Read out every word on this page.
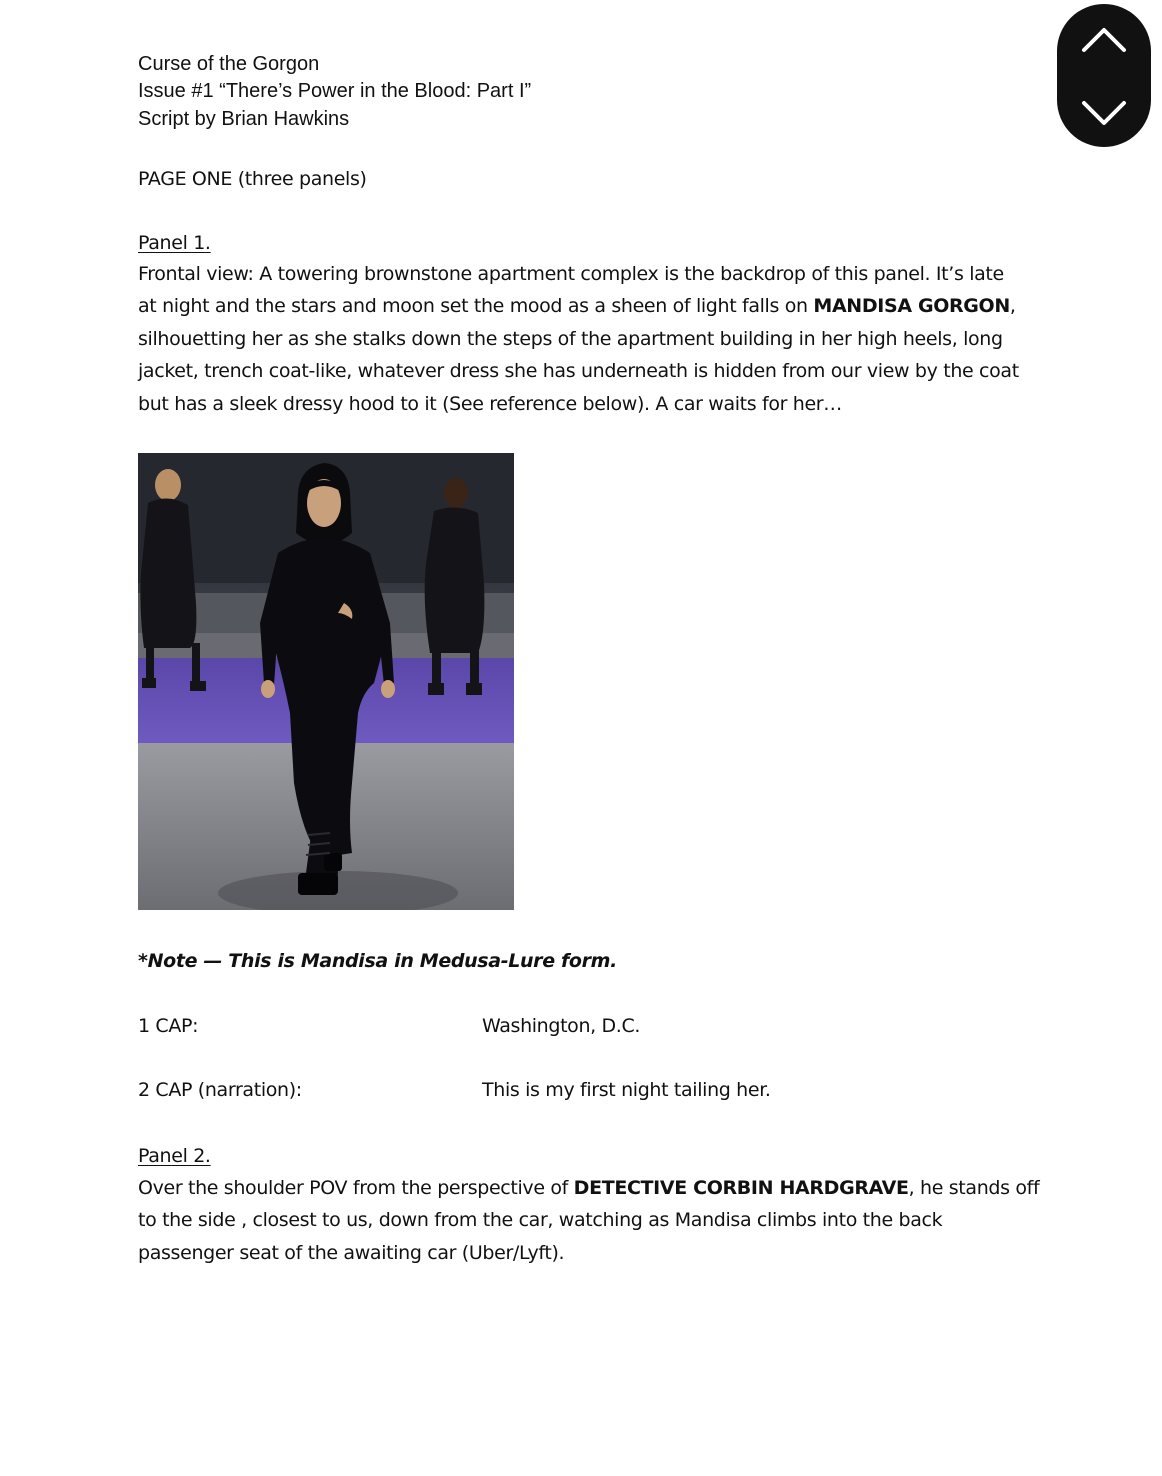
Curse of the Gorgon
Issue #1 “There’s Power in the Blood: Part I”
Script by Brian Hawkins
PAGE ONE (three panels)
Panel 1.
Frontal view: A towering brownstone apartment complex is the backdrop of this panel. It’s late
at night and the stars and moon set the mood as a sheen of light falls on MANDISA GORGON,
silhouetting her as she stalks down the steps of the apartment building in her high heels, long
jacket, trench coat-like, whatever dress she has underneath is hidden from our view by the coat
but has a sleek dressy hood to it (See reference below). A car waits for her…
*Note — This is Mandisa in Medusa-Lure form.
1 CAP:	Washington, D.C.
2 CAP (narration):	This is my first night tailing her.
Panel 2.
Over the shoulder POV from the perspective of DETECTIVE CORBIN HARDGRAVE, he stands off
to the side , closest to us, down from the car, watching as Mandisa climbs into the back
passenger seat of the awaiting car (Uber/Lyft).
